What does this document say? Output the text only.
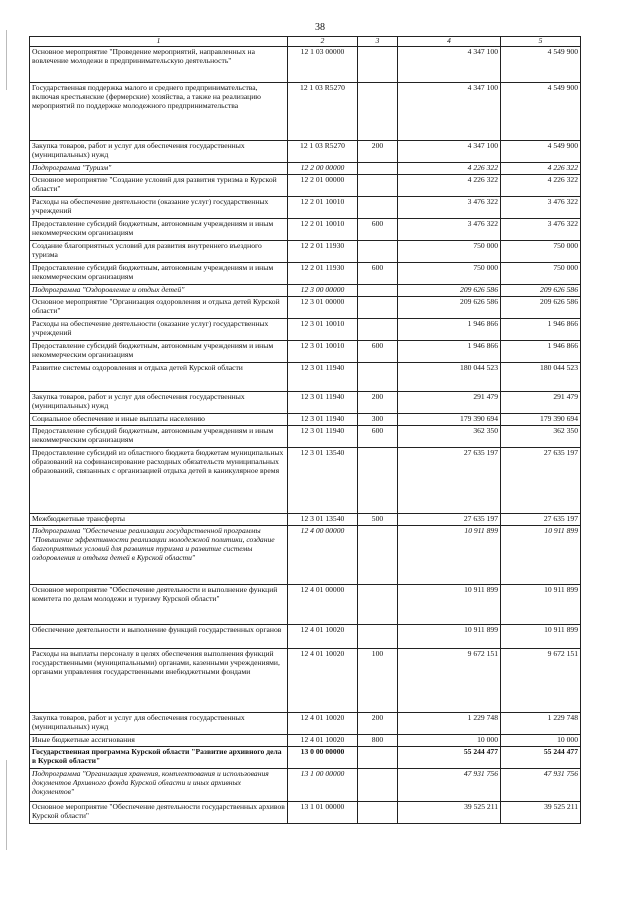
38
1	2	3	4	5
Основное мероприятие "Проведение мероприятий, направленных на вовлечение молодежи в предпринимательскую деятельность"	12 1 03 00000		4 347 100	4 549 900
Государственная поддержка малого и среднего предпринимательства, включая крестьянские (фермерские) хозяйства, а также на реализацию мероприятий по поддержке молодежного предпринимательства	12 1 03 R5270		4 347 100	4 549 900
Закупка товаров, работ и услуг для обеспечения государственных (муниципальных) нужд	12 1 03 R5270	200	4 347 100	4 549 900
Подпрограмма "Туризм"	12 2 00 00000		4 226 322	4 226 322
Основное мероприятие "Создание условий для развития туризма в Курской области"	12 2 01 00000		4 226 322	4 226 322
Расходы на обеспечение деятельности (оказание услуг) государственных учреждений	12 2 01 10010		3 476 322	3 476 322
Предоставление субсидий бюджетным, автономным учреждениям и иным некоммерческим организациям	12 2 01 10010	600	3 476 322	3 476 322
Создание благоприятных условий для развития внутреннего въездного туризма	12 2 01 11930		750 000	750 000
Предоставление субсидий бюджетным, автономным учреждениям и иным некоммерческим организациям	12 2 01 11930	600	750 000	750 000
Подпрограмма "Оздоровление и отдых детей"	12 3 00 00000		209 626 586	209 626 586
Основное мероприятие "Организация оздоровления и отдыха детей Курской области"	12 3 01 00000		209 626 586	209 626 586
Расходы на обеспечение деятельности (оказание услуг) государственных учреждений	12 3 01 10010		1 946 866	1 946 866
Предоставление субсидий бюджетным, автономным учреждениям и иным некоммерческим организациям	12 3 01 10010	600	1 946 866	1 946 866
Развитие системы оздоровления и отдыха детей Курской области	12 3 01 11940		180 044 523	180 044 523
Закупка товаров, работ и услуг для обеспечения государственных (муниципальных) нужд	12 3 01 11940	200	291 479	291 479
Социальное обеспечение и иные выплаты населению	12 3 01 11940	300	179 390 694	179 390 694
Предоставление субсидий бюджетным, автономным учреждениям и иным некоммерческим организациям	12 3 01 11940	600	362 350	362 350
Предоставление субсидий из областного бюджета бюджетам муниципальных образований на софинансирование расходных обязательств муниципальных образований, связанных с организацией отдыха детей в каникулярное время	12 3 01 13540		27 635 197	27 635 197
Межбюджетные трансферты	12 3 01 13540	500	27 635 197	27 635 197
Подпрограмма "Обеспечение реализации государственной программы "Повышение эффективности реализации молодежной политики, создание благоприятных условий для развития туризма и развитие системы оздоровления и отдыха детей в Курской области"	12 4 00 00000		10 911 899	10 911 899
Основное мероприятие "Обеспечение деятельности и выполнение функций комитета по делам молодежи и туризму Курской области"	12 4 01 00000		10 911 899	10 911 899
Обеспечение деятельности и выполнение функций государственных органов	12 4 01 10020		10 911 899	10 911 899
Расходы на выплаты персоналу в целях обеспечения выполнения функций государственными (муниципальными) органами, казенными учреждениями, органами управления государственными внебюджетными фондами	12 4 01 10020	100	9 672 151	9 672 151
Закупка товаров, работ и услуг для обеспечения государственных (муниципальных) нужд	12 4 01 10020	200	1 229 748	1 229 748
Иные бюджетные ассигнования	12 4 01 10020	800	10 000	10 000
Государственная программа Курской области "Развитие архивного дела в Курской области"	13 0 00 00000		55 244 477	55 244 477
Подпрограмма "Организация хранения, комплектования и использования документов Архивного фонда Курской области и иных архивных документов"	13 1 00 00000		47 931 756	47 931 756
Основное мероприятие "Обеспечение деятельности государственных архивов Курской области"	13 1 01 00000		39 525 211	39 525 211
